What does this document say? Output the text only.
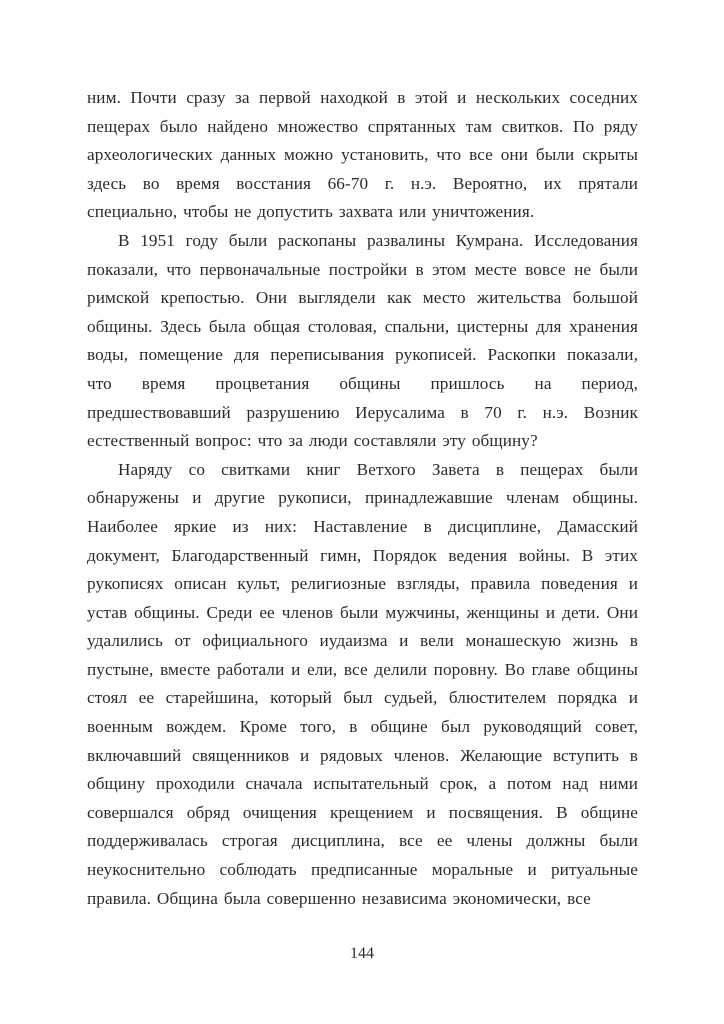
ним. Почти сразу за первой находкой в этой и нескольких соседних пещерах было найдено множество спрятанных там свитков. По ряду археологических данных можно установить, что все они были скрыты здесь во время восстания 66-70 г. н.э. Вероятно, их прятали специально, чтобы не допустить захвата или уничтожения.

В 1951 году были раскопаны развалины Кумрана. Исследования показали, что первоначальные постройки в этом месте вовсе не были римской крепостью. Они выглядели как место жительства большой общины. Здесь была общая столовая, спальни, цистерны для хранения воды, помещение для переписывания рукописей. Раскопки показали, что время процветания общины пришлось на период, предшествовавший разрушению Иерусалима в 70 г. н.э. Возник естественный вопрос: что за люди составляли эту общину?

Наряду со свитками книг Ветхого Завета в пещерах были обнаружены и другие рукописи, принадлежавшие членам общины. Наиболее яркие из них: Наставление в дисциплине, Дамасский документ, Благодарственный гимн, Порядок ведения войны. В этих рукописях описан культ, религиозные взгляды, правила поведения и устав общины. Среди ее членов были мужчины, женщины и дети. Они удалились от официального иудаизма и вели монашескую жизнь в пустыне, вместе работали и ели, все делили поровну. Во главе общины стоял ее старейшина, который был судьей, блюстителем порядка и военным вождем. Кроме того, в общине был руководящий совет, включавший священников и рядовых членов. Желающие вступить в общину проходили сначала испытательный срок, а потом над ними совершался обряд очищения крещением и посвящения. В общине поддерживалась строгая дисциплина, все ее члены должны были неукоснительно соблюдать предписанные моральные и ритуальные правила. Община была совершенно независима экономически, все

144
